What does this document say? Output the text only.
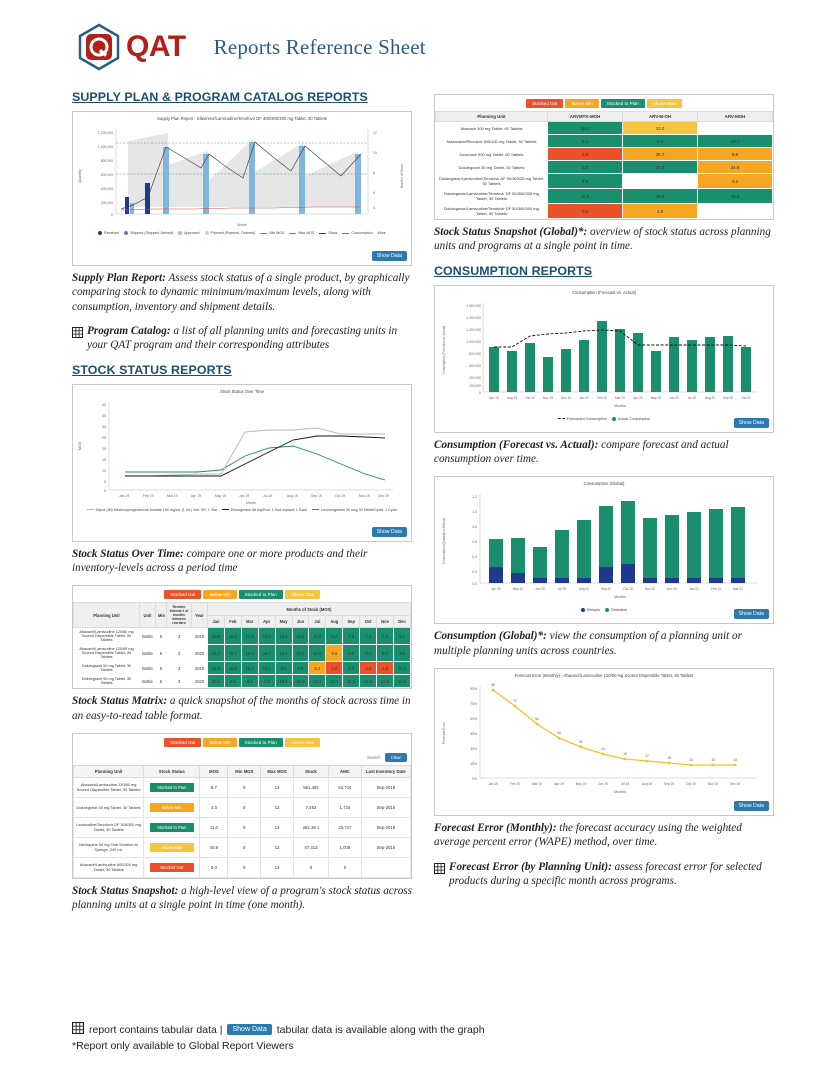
QAT Reports Reference Sheet
SUPPLY PLAN & PROGRAM CATALOG REPORTS
Supply Plan Report - Efavirenz/Lamivudine/Tenofovir DF 400/300/300 mg Tablet, 30 Tablets
1,200,000
1,000,000
800,000
600,000
400,000
200,000
0
12
10
8
6
4
Month
Quantity	Months of Stock
Received	Shipped (Shipped, Arrived)	Approved	Planned (Planned, Ordered)	Min MOS	Max MOS	Stock	Consumption More
Show Data

Supply Plan Report: Assess stock status of a single product, by graphically comparing stock to dynamic minimum/maximum levels, along with consumption, inventory and shipment details.

Program Catalog: a list of all planning units and forecasting units in your QAT program and their corresponding attributes
STOCK STATUS REPORTS
Stock Status Over Time
40
35
30
25
20
15
10
5
0
Jan 19	Feb 19	Mar 19	Apr 19	May 19	Jun 19	Jul 19	Aug 19	Sep 19	Oct 19	Nov 19 Dec 19
Month
MOS
Depot (IM) Medroxyprogesterone Acetate 150 mg/mL (1 mL) Vial, SR, 1 Vial	Etonogestrel 68 mg/Rod, 1 Rod Implant, 1 Each	Levonorgestrel 30 mcg 30 Tablet/Cycle, 1 Cycle
Show Data

Stock Status Over Time: compare one or more products and their inventory-levels across a period time

Stocked Out	Below Min	Stocked to Plan	Above Max
Planning Unit	Unit	Min	Reorder Interval # of months between reorders	Year	Months of Stock (MOS)											
					Jan	Feb	Mar	Apr	May	Jun	Jul	Aug	Sep	Oct	Nov	Dec
Abacavir/Lamivudine 120/60 mg Scored Dispersible Tablet, 30 Tablets	Bottle	6	3	2019	20.9	16.2	14.0	12.8	13.6	13.4	11.9	9.4	7.8	7.3	7.0	8.1
Abacavir/Lamivudine 120/60 mg Scored Dispersible Tablet, 30 Tablets	Bottle	6	3	2020	21.7	15.7	16.6	15.7	14.7	13.7	11.0	9.6	8.0	9.4	9.0	9.9
Dolutegravir 50 mg Tablet, 30 Tablets	Bottle	6	3	2019	22.5	18.0	16.2	13.1	8.5	6.9	5.2	2.9	8.3	2.3	1.9	10.1
Dolutegravir 50 mg Tablet, 30 Tablets	Bottle	6	3	2020	10.1	9.5	8.0	7.2	18.2	15.9	13.1	12.1	11.6	12.0	12.2	12.8

Stock Status Matrix: a quick snapshot of the months of stock across time in an easy-to-read table format.

Stocked Out	Below Min	Stocked to Plan	Above Max
Search	Clear
Planning Unit	Stock Status	MOS	Min MOS	Max MOS	Stock	AMC	Last Inventory Date
Abacavir/Lamivudine 120/60 mg Scored Dispersible Tablet, 30 Tablets	Stocked to Plan	8.7	8	13	551,482	63,714	Sep-2019
Dolutegravir 50 mg Tablet, 30 Tablets	Below Min	4.3	8	13	7,462	1,734	Sep-2019
Lamivudine/Tenofovir DF 300/300 mg Tablet, 30 Tablets	Stocked to Plan	11.0	8	13	262,38 1	23,747	Sep-2019
Nevirapine 50 mg Oral Solution w/ Syringe, 240 mL	Above Max	40.9	8	13	47,313	1,009	Sep-2019
Abacavir/Lamivudine 600/300 mg Tablet, 30 Tablets	Stocked Out	0.0	8	13	0	0	

Stock Status Snapshot: a high-level view of a program's stock status across planning units at a single point in time (one month).

Stocked Out	Below Min	Stocked to Plan	Above Max
Planning Unit	ARVMTK-MOH	ARV-M-OH	ARV-MOH
Abacavir 300 mg Tablet, 60 Tablets	19.0	13.0	
Atazanavir/Ritonavir 300/100 mg Tablet, 30 Tablets	6.4	6.3	10.7
Darunavir 600 mg Tablet, 60 Tablets	2.8	25.7	5.8
Dolutegravir 50 mg Tablet, 30 Tablets	9.0	20.6	24.6
Dolutegravir/Lamivudine/Tenofovir AF 50/300/25 mg Tablet, 30 Tablets	8.9		3.2
Dolutegravir/Lamivudine/Tenofovir DF 50/300/300 mg Tablet, 30 Tablets	19.6	19.0	19.8
Dolutegravir/Lamivudine/Tenofovir DF 50/300/300 mg Tablet, 90 Tablets	0.0	1.8	

Stock Status Snapshot (Global)*: overview of stock status across planning units and programs at a single point in time.

CONSUMPTION REPORTS
Consumption (Forecast vs. Actual)
1,600,000
1,400,000
1,200,000
1,000,000
800,000
600,000
400,000
200,000
0
Apr 19	Aug 19	Oct 19	Nov 19 Dec 19	Jan 20	Feb 20	Mar 20	Apr 20	May 20 Jun 20	Jul 20	Aug 20 Sep 20	Oct 20
Months
Consumption (Forecast vs. Actual)
Forecasted Consumption	Actual Consumption
Show Data

Consumption (Forecast vs. Actual): compare forecast and actual consumption over time.

Consumption (Global)
1.2
1.0
0.8
0.6
0.4
0.2
0.0
Apr 20	May 20	Jun 20	Jul 20	Aug 20	Sep 20	Oct 20	Nov 20	Dec 20	Jan 21	Feb 21	Mar 21
Months
Consumption Quantity in Millions
Ethiopia	Zimbabwe
Show Data

Consumption (Global)*: view the consumption of a planning unit or multiple planning units across countries.

Forecast Error (Monthly) - Abacavir/Lamivudine 120/60 mg Scored Dispersible Tablet, 30 Tablets
90%
75%
60%
45%
30%
15%
0%
88
72
54
40
31
24
19	17	15	13	13	13
Jan 19	Feb 19	Mar 19	Apr 19	May 19	Jun 19	Jul 19	Aug 19	Sep 19	Oct 19	Nov 19	Dec 19
Months
Forecast Error
Show Data

Forecast Error (Monthly): the forecast accuracy using the weighted average percent error (WAPE) method, over time.

Forecast Error (by Planning Unit): assess forecast error for selected products during a specific month across programs.
report contains tabular data |	Show Data tabular data is available along with the graph
*Report only available to Global Report Viewers
